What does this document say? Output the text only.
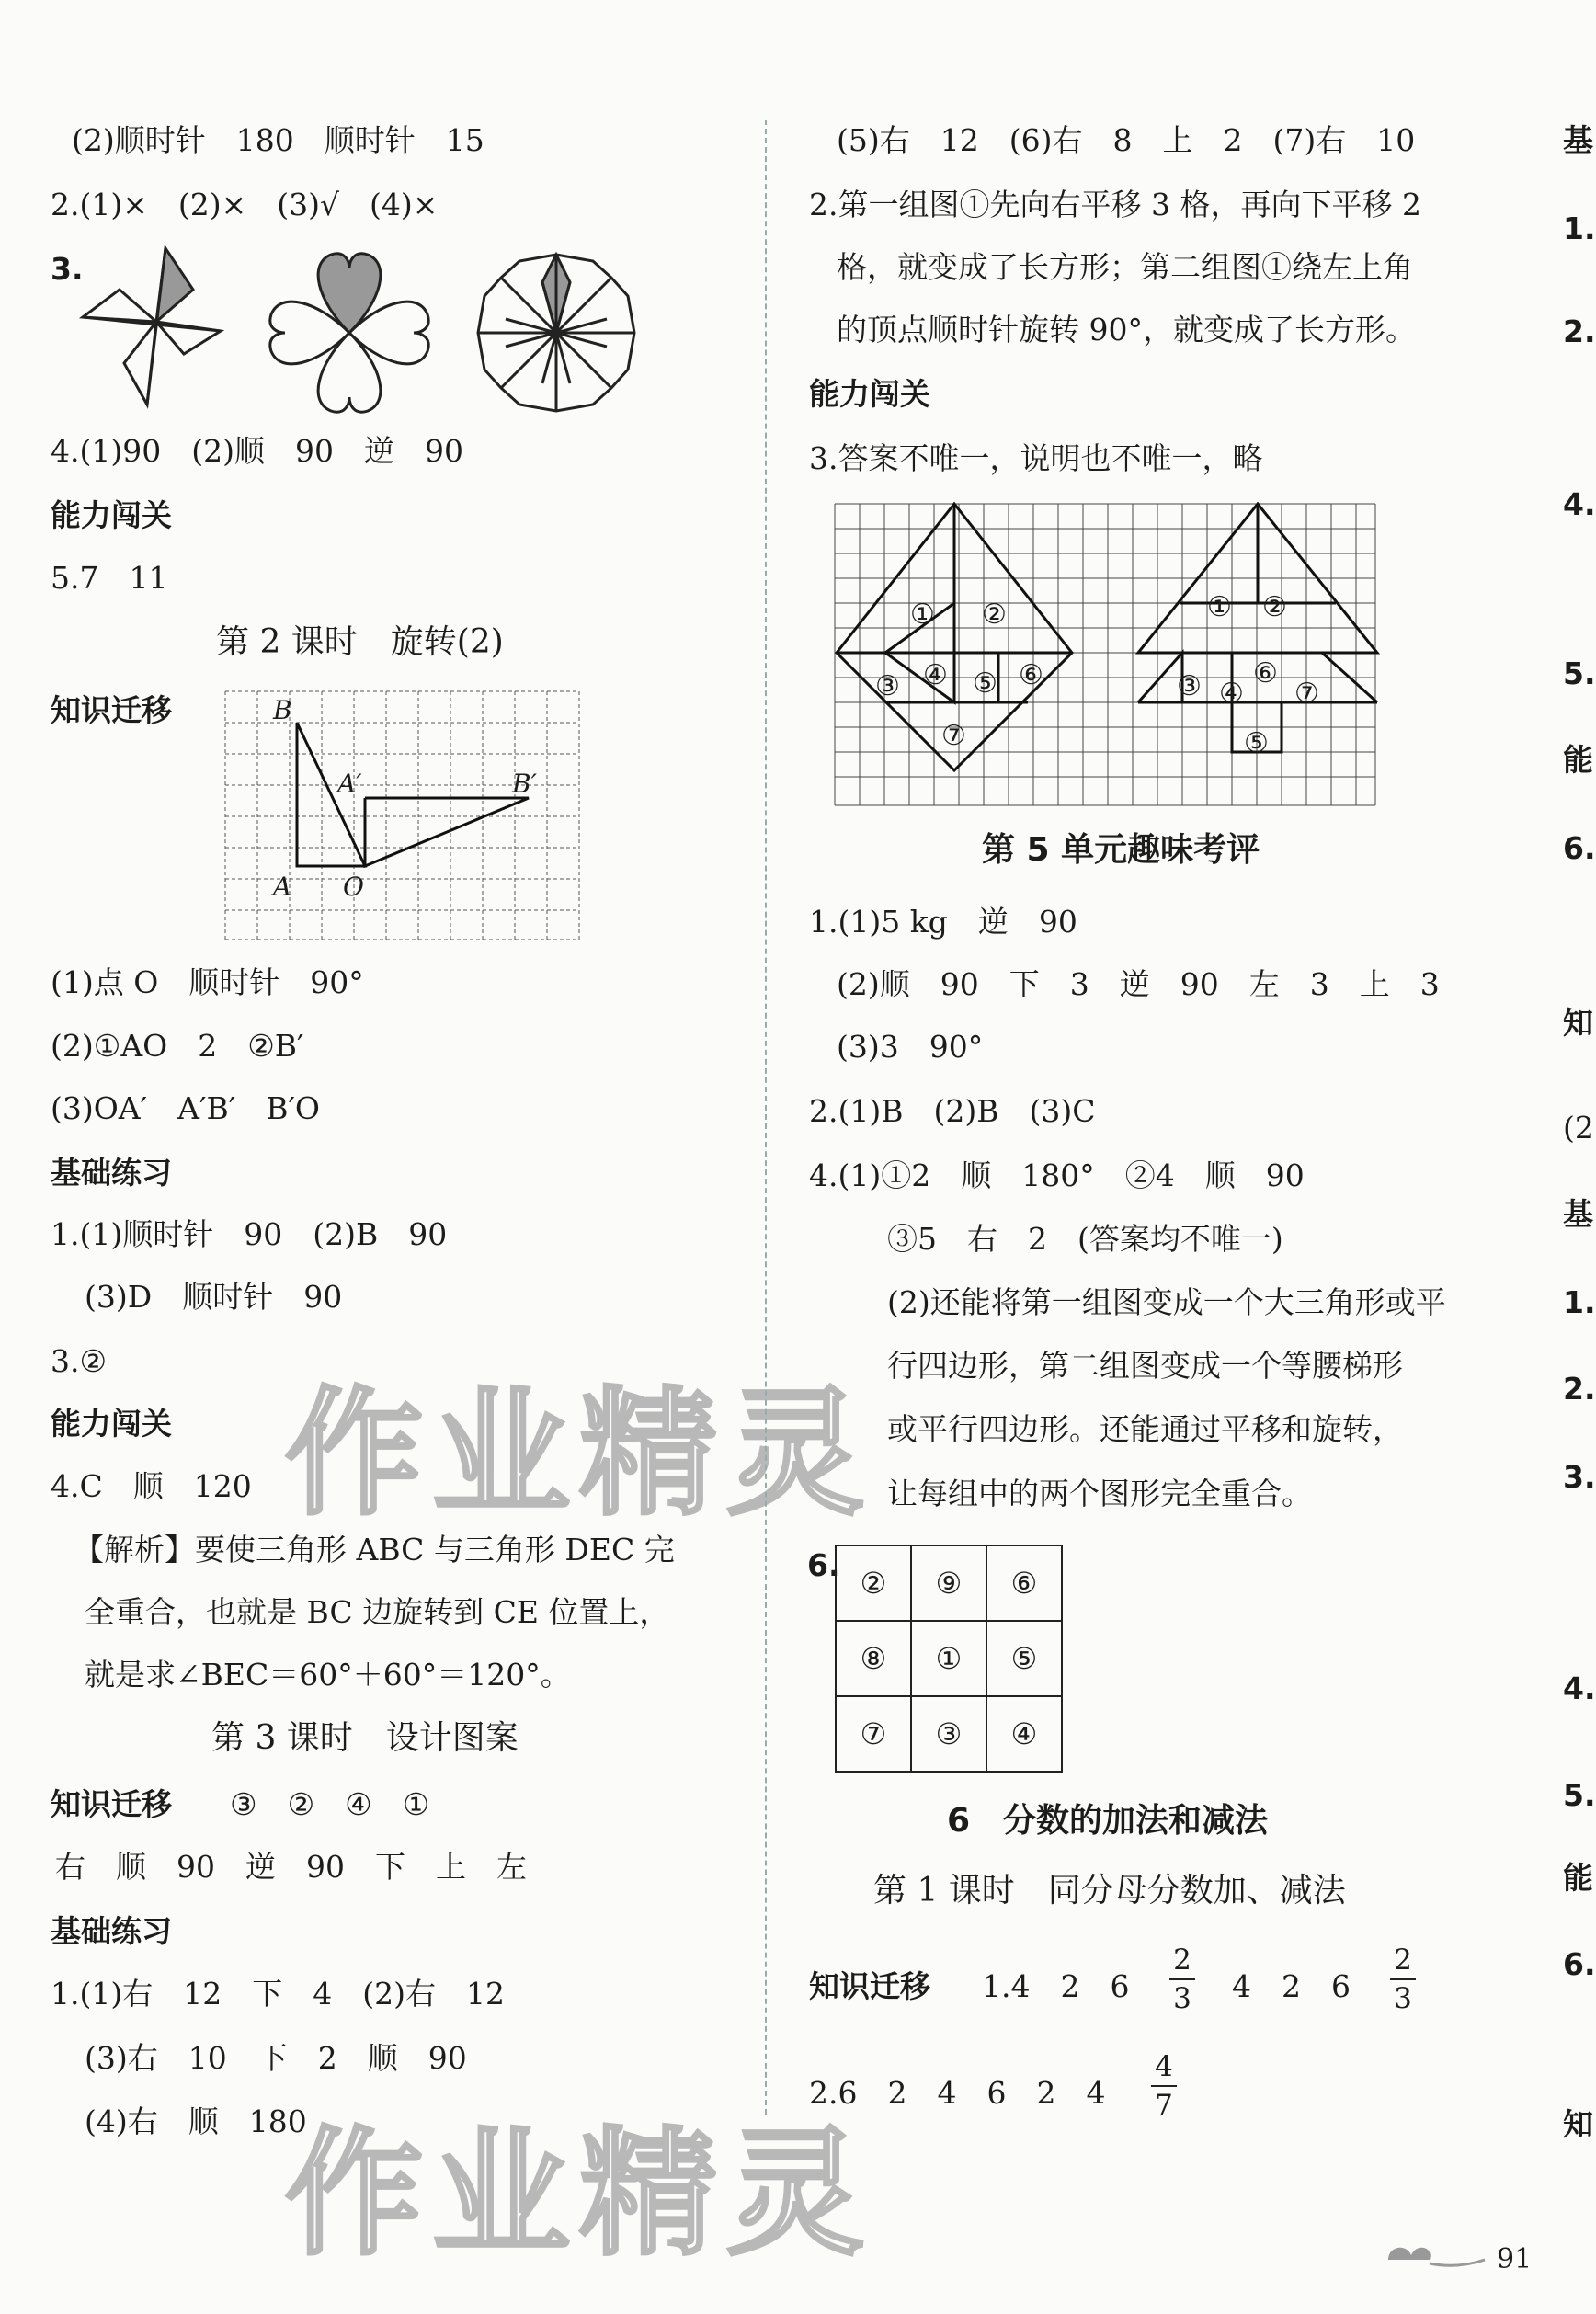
作业精灵
作业精灵
(2)顺时针　180　顺时针　15
2.(1)×　(2)×　(3)√　(4)×
3.
4.(1)90　(2)顺　90　逆　90
能力闯关
5.7　11
第 2 课时　旋转(2)
知识迁移	B
A′	B′
A O
(1)点 O　顺时针　90°
(2)①AO　2　②B′
(3)OA′　A′B′　B′O
基础练习
1.(1)顺时针　90　(2)B　90
(3)D　顺时针　90
3.②
能力闯关
4.C　顺　120
【解析】要使三角形 ABC 与三角形 DEC 完
全重合，也就是 BC 边旋转到 CE 位置上，
就是求∠BEC＝60°＋60°＝120°。
第 3 课时　设计图案
知识迁移 ③　②　④　①
右　顺　90　逆　90　下　上　左
基础练习
1.(1)右　12　下　4　(2)右　12
(3)右　10　下　2　顺　90
(4)右　顺　180
(5)右　12　(6)右　8　上　2　(7)右　10
2.第一组图①先向右平移 3 格，再向下平移 2
格，就变成了长方形；第二组图①绕左上角
的顶点顺时针旋转 90°，就变成了长方形。
能力闯关
3.答案不唯一，说明也不唯一，略
① ②
③ ④ ⑤ ⑥
⑦
① ②
③ ④
⑥
⑦
⑤
第 5 单元趣味考评
1.(1)5 kg　逆　90
(2)顺　90　下　3　逆　90　左　3　上　3
(3)3　90°
2.(1)B　(2)B　(3)C
4.(1)①2　顺　180°　②4　顺　90
③5　右　2　(答案均不唯一)
(2)还能将第一组图变成一个大三角形或平
行四边形，第二组图变成一个等腰梯形
或平行四边形。还能通过平移和旋转，
让每组中的两个图形完全重合。
6. ②	⑨	⑥
⑧	①	⑤
⑦	③	④
6　分数的加法和减法
第 1 课时　同分母分数加、减法
知识迁移 1.4　2　6
2
3 4　2　6
2
3
2.6　2　4　6　2　4
4
7
基
1.
2.
4.
5.
能
6.
知
(2
基
1.
2.
3.
4.
5.
能
6.
知
91
